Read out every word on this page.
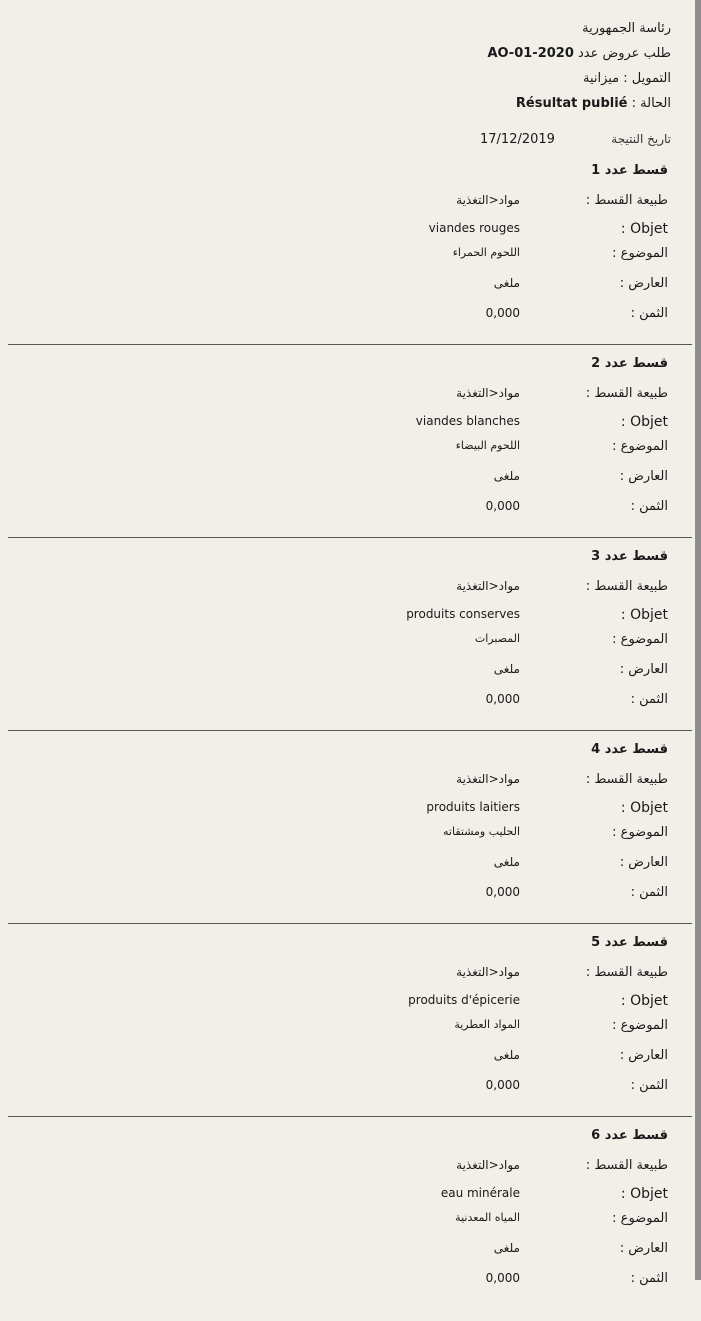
رئاسة الجمهورية
طلب عروض عدد AO-01-2020
التمويل : ميزانية
الحالة : Résultat publié
تاريخ النتيجة
17/12/2019
قسط عدد 1
طبيعة القسط :
مواد<التغذية
: Objet
viandes rouges
الموضوع :
اللحوم الحمراء
العارض :
ملغى
الثمن :
0,000
قسط عدد 2
طبيعة القسط :
مواد<التغذية
: Objet
viandes blanches
الموضوع :
اللحوم البيضاء
العارض :
ملغى
الثمن :
0,000
قسط عدد 3
طبيعة القسط :
مواد<التغذية
: Objet
produits conserves
الموضوع :
المصبرات
العارض :
ملغى
الثمن :
0,000
قسط عدد 4
طبيعة القسط :
مواد<التغذية
: Objet
produits laitiers
الموضوع :
الحليب ومشتقاته
العارض :
ملغى
الثمن :
0,000
قسط عدد 5
طبيعة القسط :
مواد<التغذية
: Objet
produits d'épicerie
الموضوع :
المواد العطرية
العارض :
ملغى
الثمن :
0,000
قسط عدد 6
طبيعة القسط :
مواد<التغذية
: Objet
eau minérale
الموضوع :
المياه المعدنية
العارض :
ملغى
الثمن :
0,000
